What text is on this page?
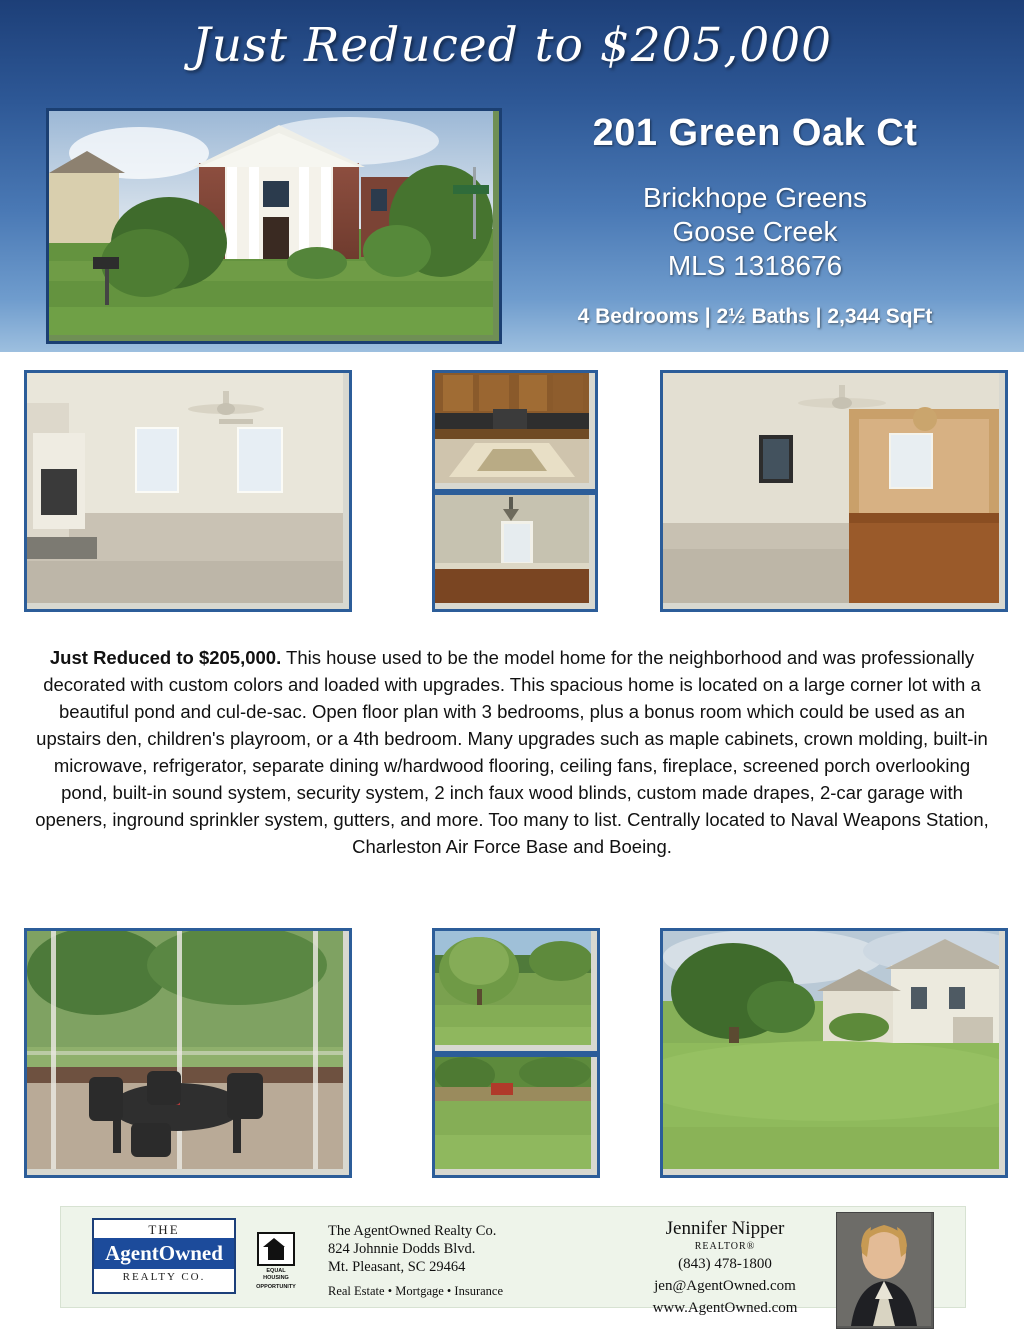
Just Reduced to $205,000
201 Green Oak Ct
Brickhope Greens
Goose Creek
MLS 1318676
4 Bedrooms | 2½ Baths | 2,344 SqFt
Just Reduced to $205,000. This house used to be the model home for the neighborhood and was professionally decorated with custom colors and loaded with upgrades. This spacious home is located on a large corner lot with a beautiful pond and cul-de-sac. Open floor plan with 3 bedrooms, plus a bonus room which could be used as an upstairs den, children's playroom, or a 4th bedroom. Many upgrades such as maple cabinets, crown molding, built-in microwave, refrigerator, separate dining w/hardwood flooring, ceiling fans, fireplace, screened porch overlooking pond, built-in sound system, security system, 2 inch faux wood blinds, custom made drapes, 2-car garage with openers, inground sprinkler system, gutters, and more. Too many to list. Centrally located to Naval Weapons Station, Charleston Air Force Base and Boeing.
THE
AgentOwned
REALTY CO.	EQUAL HOUSING
OPPORTUNITY
The AgentOwned Realty Co.
824 Johnnie Dodds Blvd.
Mt. Pleasant, SC 29464
Real Estate • Mortgage • Insurance
Jennifer Nipper
REALTOR®
(843) 478-1800
jen@AgentOwned.com
www.AgentOwned.com
